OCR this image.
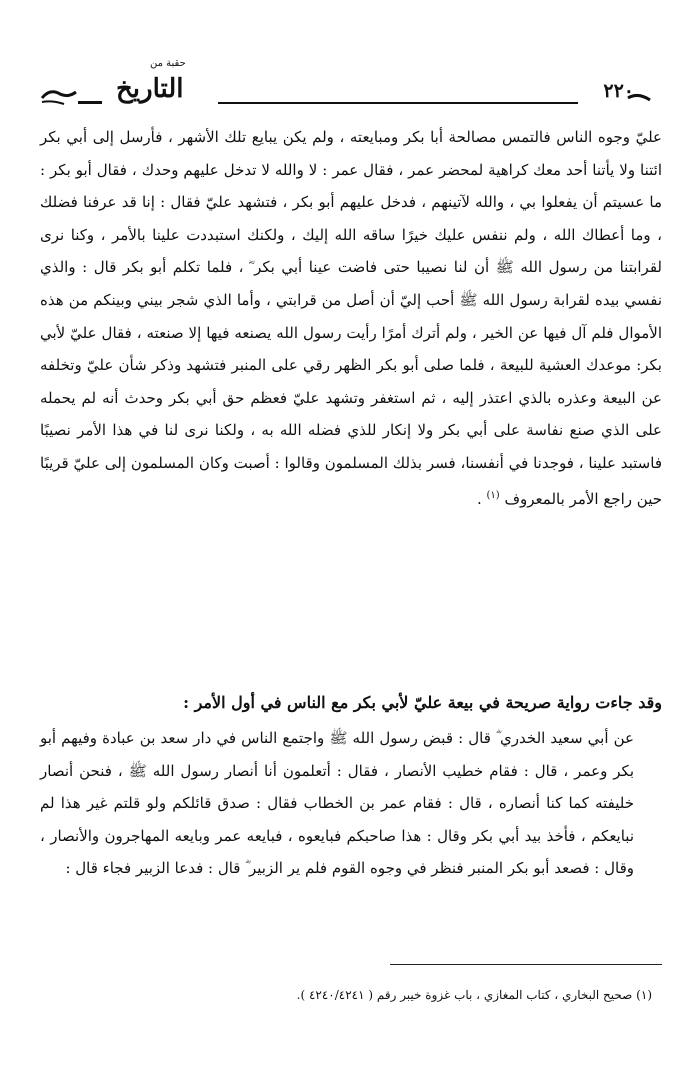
حقبة من
التاريخ	٢٢٠

عليّ وجوه الناس فالتمس مصالحة أبا بكر ومبايعته ، ولم يكن يبايع تلك الأشهر ، فأرسل إلى أبي بكر ائتنا ولا يأتنا أحد معك كراهية لمحضر عمر ، فقال عمر : لا والله لا تدخل عليهم وحدك ، فقال أبو بكر : ما عسيتم أن يفعلوا بي ، والله لآتينهم ، فدخل عليهم أبو بكر ، فتشهد عليّ فقال : إنا قد عرفنا فضلك ، وما أعطاك الله ، ولم ننفس عليك خيرًا ساقه الله إليك ، ولكنك استبددت علينا بالأمر ، وكنا نرى لقرابتنا من رسول الله ﷺ أن لنا نصيبا حتى فاضت عينا أبي بكر ؓ ، فلما تكلم أبو بكر قال : والذي نفسي بيده لقرابة رسول الله ﷺ أحب إليّ أن أصل من قرابتي ، وأما الذي شجر بيني وبينكم من هذه الأموال فلم آل فيها عن الخير ، ولم أترك أمرًا رأيت رسول الله يصنعه فيها إلا صنعته ، فقال عليّ لأبي بكر: موعدك العشية للبيعة ، فلما صلى أبو بكر الظهر رقي على المنبر فتشهد وذكر شأن عليّ وتخلفه عن البيعة وعذره بالذي اعتذر إليه ، ثم استغفر وتشهد عليّ فعظم حق أبي بكر وحدث أنه لم يحمله على الذي صنع نفاسة على أبي بكر ولا إنكار للذي فضله الله به ، ولكنا نرى لنا في هذا الأمر نصيبًا فاستبد علينا ، فوجدنا في أنفسنا، فسر بذلك المسلمون وقالوا : أصبت وكان المسلمون إلى عليّ قريبًا حين راجع الأمر بالمعروف $^{(١)}$ .

وقد جاءت رواية صريحة في بيعة عليّ لأبي بكر مع الناس في أول الأمر :

عن أبي سعيد الخدري ؓ قال : قبض رسول الله ﷺ واجتمع الناس في دار سعد بن عبادة وفيهم أبو بكر وعمر ، قال : فقام خطيب الأنصار ، فقال : أتعلمون أنا أنصار رسول الله ﷺ ، فنحن أنصار خليفته كما كنا أنصاره ، قال : فقام عمر بن الخطاب فقال : صدق قائلكم ولو قلتم غير هذا لم نبايعكم ، فأخذ بيد أبي بكر وقال : هذا صاحبكم فبايعوه ، فبايعه عمر وبايعه المهاجرون والأنصار ، وقال : فصعد أبو بكر المنبر فنظر في وجوه القوم فلم ير الزبير ؓ قال : فدعا الزبير فجاء قال :

(١) صحيح البخاري ، كتاب المغازي ، باب غزوة خيبر رقم ( ٤٢٤٠/٤٢٤١ ).
